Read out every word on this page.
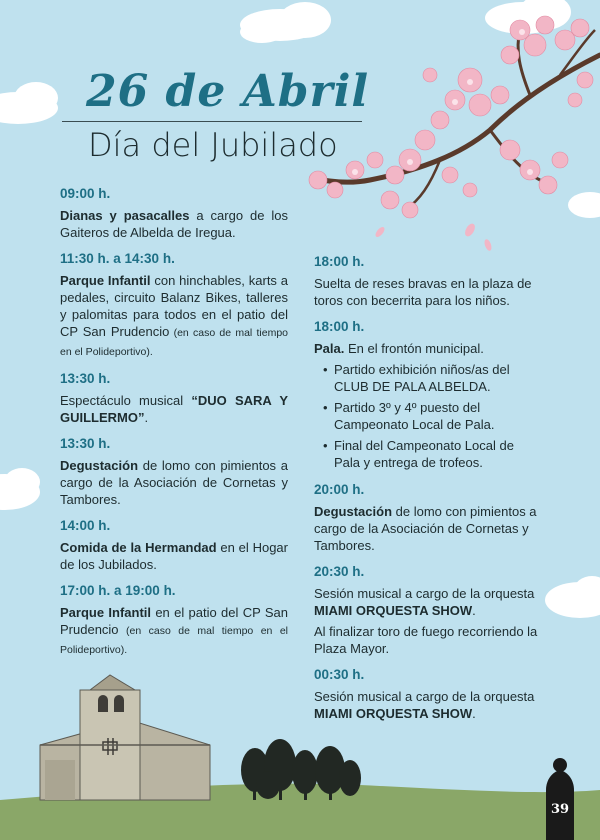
26 de Abril
Día del Jubilado
09:00 h.
Dianas y pasacalles a cargo de los Gaiteros de Albelda de Iregua.
11:30 h. a 14:30 h.
Parque Infantil con hinchables, karts a pedales, circuito Balanz Bikes, talleres y palomitas para todos en el patio del CP San Prudencio (en caso de mal tiempo en el Polideportivo).
13:30 h.
Espectáculo musical “DUO SARA Y GUILLERMO”.
13:30 h.
Degustación de lomo con pimientos a cargo de la Asociación de Cornetas y Tambores.
14:00 h.
Comida de la Hermandad en el Hogar de los Jubilados.
17:00 h. a 19:00 h.
Parque Infantil en el patio del CP San Prudencio (en caso de mal tiempo en el Polideportivo).
18:00 h.
Suelta de reses bravas en la plaza de toros con becerrita para los niños.
18:00 h.
Pala. En el frontón municipal.
• Partido exhibición niños/as del CLUB DE PALA ALBELDA.
• Partido 3º y 4º puesto del Campeonato Local de Pala.
• Final del Campeonato Local de Pala y entrega de trofeos.
20:00 h.
Degustación de lomo con pimientos a cargo de la Asociación de Cornetas y Tambores.
20:30 h.
Sesión musical a cargo de la orquesta MIAMI ORQUESTA SHOW.
Al finalizar toro de fuego recorriendo la Plaza Mayor.
00:30 h.
Sesión musical a cargo de la orquesta MIAMI ORQUESTA SHOW.
39
